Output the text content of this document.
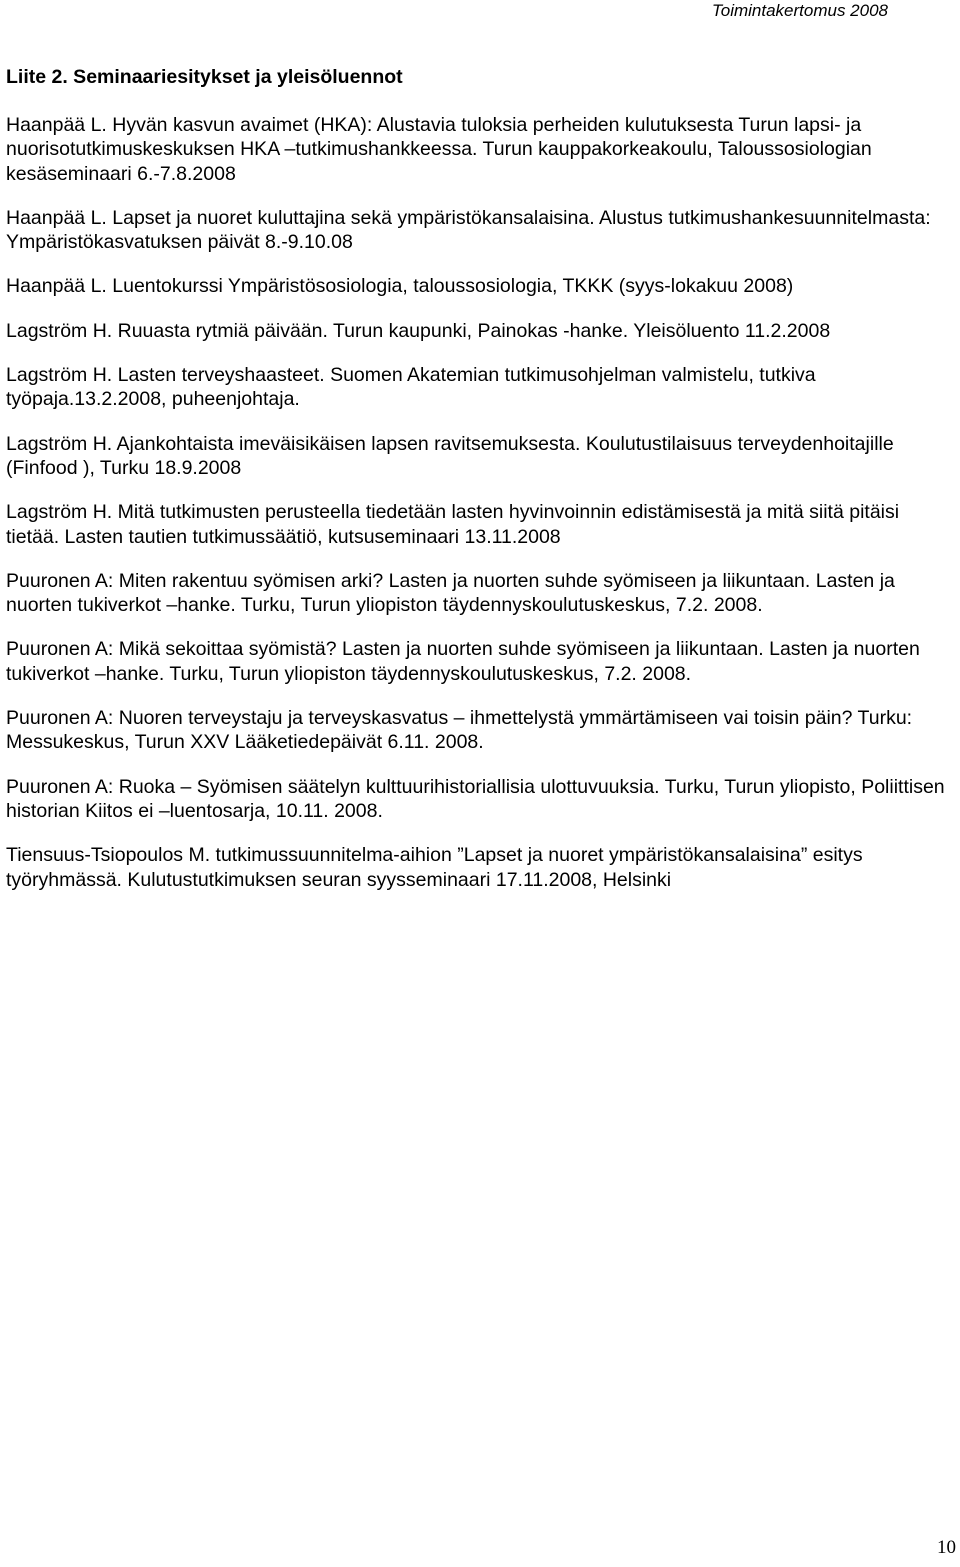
Toimintakertomus 2008
Liite 2. Seminaariesitykset ja yleisöluennot

Haanpää L. Hyvän kasvun avaimet (HKA): Alustavia tuloksia perheiden kulutuksesta Turun lapsi- ja nuorisotutkimuskeskuksen HKA –tutkimushankkeessa. Turun kauppakorkeakoulu, Taloussosiologian kesäseminaari 6.-7.8.2008

Haanpää L. Lapset ja nuoret kuluttajina sekä ympäristökansalaisina. Alustus tutkimushankesuunnitelmasta: Ympäristökasvatuksen päivät 8.-9.10.08

Haanpää L. Luentokurssi Ympäristösosiologia, taloussosiologia, TKKK (syys-lokakuu 2008)

Lagström H. Ruuasta rytmiä päivään. Turun kaupunki, Painokas -hanke. Yleisöluento 11.2.2008

Lagström H. Lasten terveyshaasteet. Suomen Akatemian tutkimusohjelman valmistelu, tutkiva työpaja.13.2.2008, puheenjohtaja.

Lagström H. Ajankohtaista imeväisikäisen lapsen ravitsemuksesta. Koulutustilaisuus terveydenhoitajille (Finfood ), Turku 18.9.2008

Lagström H. Mitä tutkimusten perusteella tiedetään lasten hyvinvoinnin edistämisestä ja mitä siitä pitäisi tietää. Lasten tautien tutkimussäätiö, kutsuseminaari 13.11.2008

Puuronen A: Miten rakentuu syömisen arki? Lasten ja nuorten suhde syömiseen ja liikuntaan. Lasten ja nuorten tukiverkot –hanke. Turku, Turun yliopiston täydennyskoulutuskeskus, 7.2. 2008.

Puuronen A: Mikä sekoittaa syömistä? Lasten ja nuorten suhde syömiseen ja liikuntaan. Lasten ja nuorten tukiverkot –hanke. Turku, Turun yliopiston täydennyskoulutuskeskus, 7.2. 2008.

Puuronen A: Nuoren terveystaju ja terveyskasvatus – ihmettelystä ymmärtämiseen vai toisin päin? Turku: Messukeskus, Turun XXV Lääketiedepäivät 6.11. 2008.

Puuronen A: Ruoka – Syömisen säätelyn kulttuurihistoriallisia ulottuvuuksia. Turku, Turun yliopisto, Poliittisen historian Kiitos ei –luentosarja, 10.11. 2008.

Tiensuus-Tsiopoulos M. tutkimussuunnitelma-aihion ”Lapset ja nuoret ympäristökansalaisina” esitys työryhmässä. Kulutustutkimuksen seuran syysseminaari 17.11.2008, Helsinki

10
